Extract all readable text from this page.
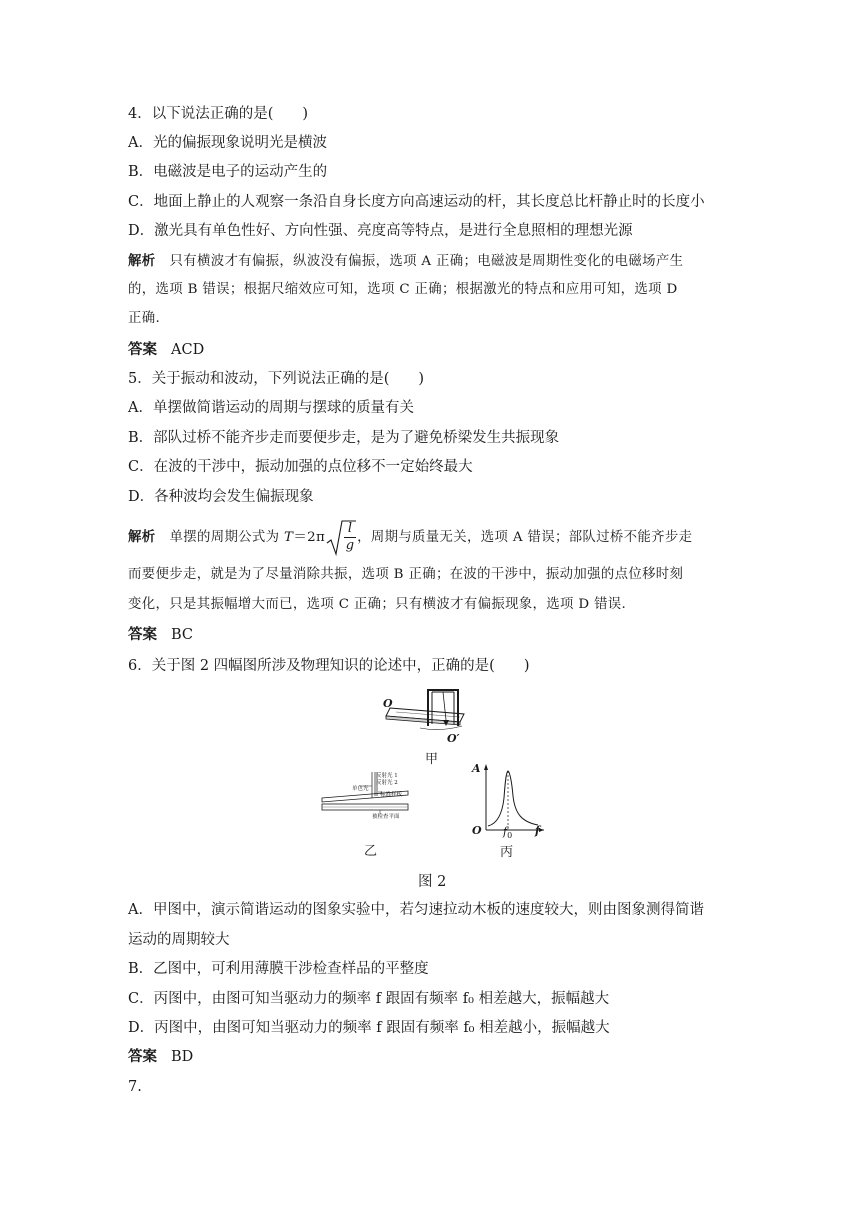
4．以下说法正确的是(　　)
A．光的偏振现象说明光是横波
B．电磁波是电子的运动产生的
C．地面上静止的人观察一条沿自身长度方向高速运动的杆，其长度总比杆静止时的长度小
D．激光具有单色性好、方向性强、亮度高等特点，是进行全息照相的理想光源
解析 只有横波才有偏振，纵波没有偏振，选项 A 正确；电磁波是周期性变化的电磁场产生
的，选项 B 错误；根据尺缩效应可知，选项 C 正确；根据激光的特点和应用可知，选项 D
正确.
答案 ACD
5．关于振动和波动，下列说法正确的是(　　)
A．单摆做简谐运动的周期与摆球的质量有关
B．部队过桥不能齐步走而要便步走，是为了避免桥梁发生共振现象
C．在波的干涉中，振动加强的点位移不一定始终最大
D．各种波均会发生偏振现象
解析 单摆的周期公式为 $T=2\pi \frac{l}{g}$ ，周期与质量无关，选项 A 错误；部队过桥不能齐步走
而要便步走，就是为了尽量消除共振，选项 B 正确；在波的干涉中，振动加强的点位移时刻
变化，只是其振幅增大而已，选项 C 正确；只有横波才有偏振现象，选项 D 错误.
答案 BC
6．关于图 2 四幅图所涉及物理知识的论述中，正确的是(　　)
O
O′
甲
反射光 1
反射光 2
单色光
标准样板
被检查平面
乙
A
O $f_0$ f
丙
图 2
A．甲图中，演示简谐运动的图象实验中，若匀速拉动木板的速度较大，则由图象测得简谐
运动的周期较大
B．乙图中，可利用薄膜干涉检查样品的平整度
C．丙图中，由图可知当驱动力的频率 f 跟固有频率 f₀ 相差越大，振幅越大
D．丙图中，由图可知当驱动力的频率 f 跟固有频率 f₀ 相差越小，振幅越大
答案 BD
7.
